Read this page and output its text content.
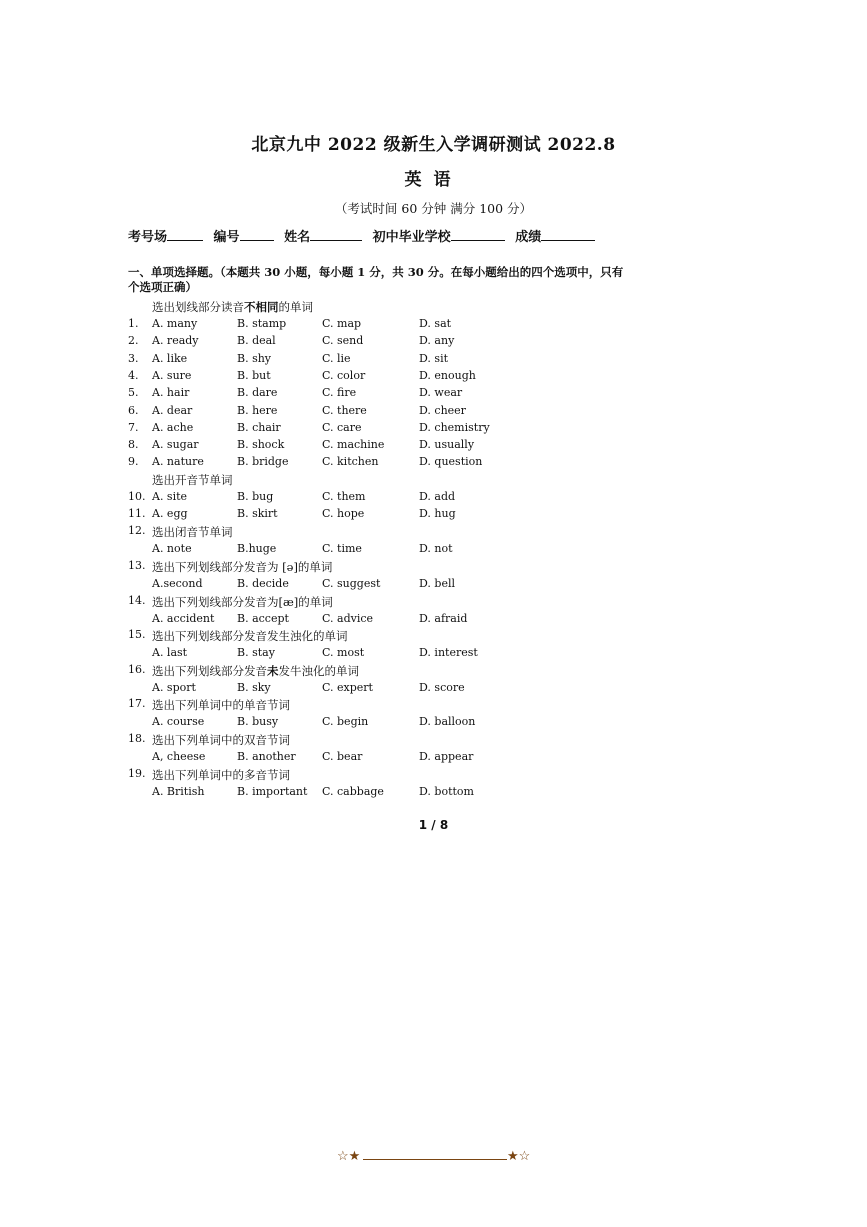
北京九中 2022 级新生入学调研测试 2022.8
英语
（考试时间 60 分钟 满分 100 分）
考号场	编号	姓名	初中毕业学校	成绩
一、单项选择题。（本题共 30 小题，每小题 1 分，共 30 分。在每小题给出的四个选项中，只有 个选项正确）
选出划线部分读音不相同的单词
1. A. many	B. stamp	C. map	D. sat
2. A. ready	B. deal	C. send	D. any
3. A. like	B. shy	C. lie	D. sit
4. A. sure	B. but	C. color	D. enough
5. A. hair	B. dare	C. fire	D. wear
6. A. dear	B. here	C. there	D. cheer
7. A. ache	B. chair	C. care	D. chemistry
8. A. sugar	B. shock	C. machine	D. usually
9. A. nature	B. bridge	C. kitchen	D. question
选出开音节单词
10. A. site	B. bug	C. them	D. add
11. A. egg	B. skirt	C. hope	D. hug
12. 选出闭音节单词
A. note	B.huge	C. time	D. not
13. 选出下列划线部分发音为 [ə]的单词
A.second	B. decide	C. suggest	D. bell
14. 选出下列划线部分发音为[æ]的单词
A. accident B. accept	C. advice	D. afraid
15. 选出下列划线部分发音发生浊化的单词
A. last	B. stay	C. most	D. interest
16. 选出下列划线部分发音未发牛浊化的单词
A. sport	B. sky	C. expert	D. score
17. 选出下列单词中的单音节词
A. course	B. busy	C. begin	D. balloon
18. 选出下列单词中的双音节词
A, cheese	B. another C. bear	D. appear
19. 选出下列单词中的多音节词
A. British	B. important C. cabbage	D. bottom
1 / 8
☆★	★☆
